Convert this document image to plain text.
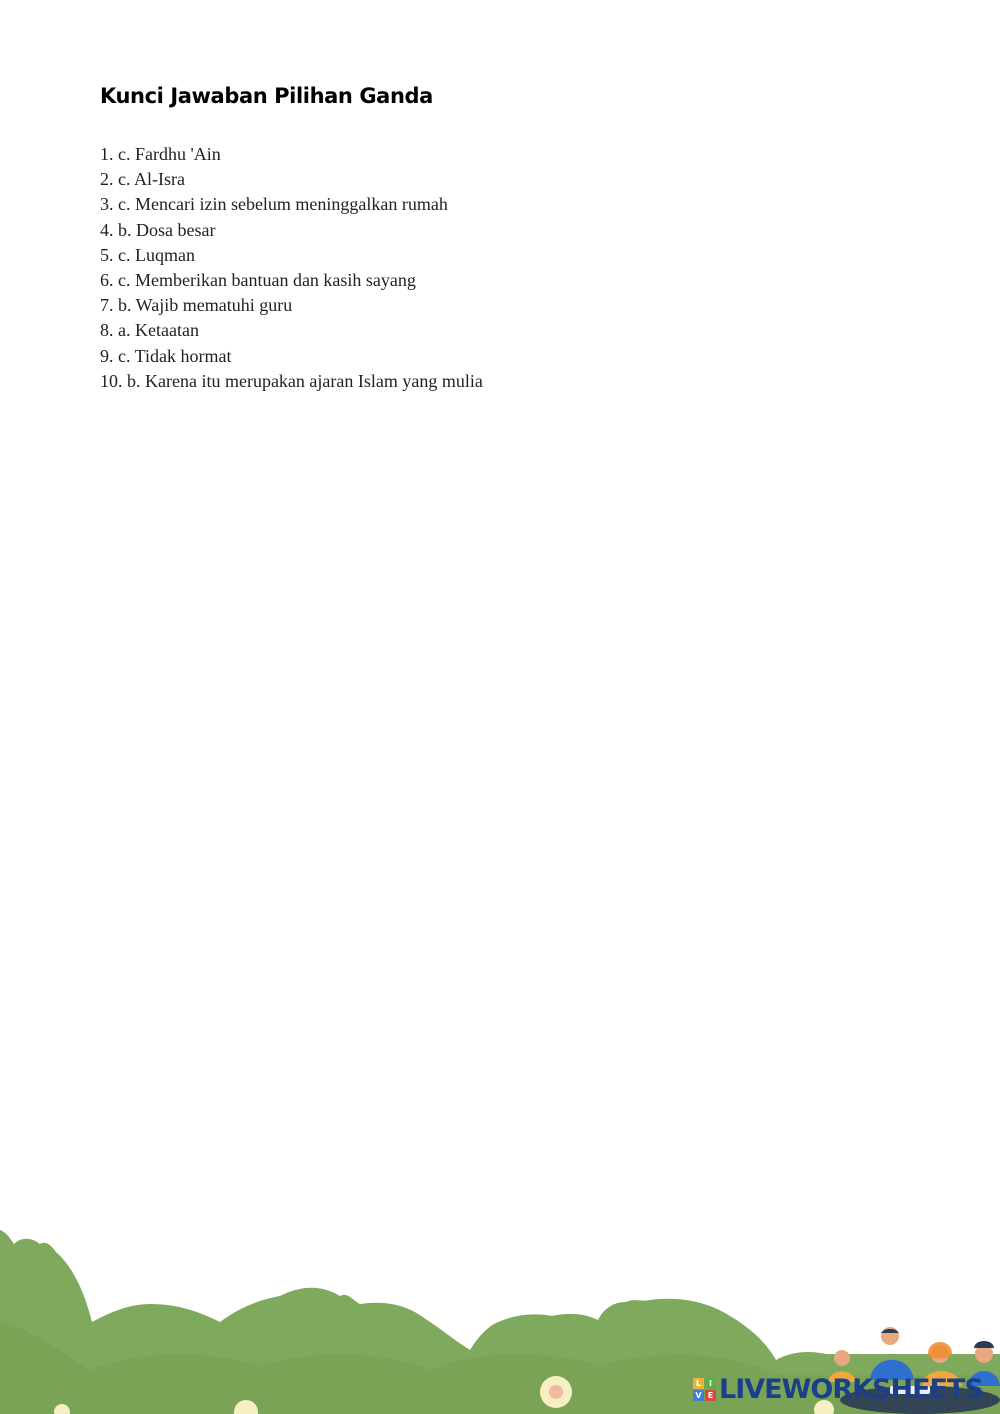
Kunci Jawaban Pilihan Ganda
1. c. Fardhu 'Ain
2. c. Al-Isra
3. c. Mencari izin sebelum meninggalkan rumah
4. b. Dosa besar
5. c. Luqman
6. c. Memberikan bantuan dan kasih sayang
7. b. Wajib mematuhi guru
8. a. Ketaatan
9. c. Tidak hormat
10. b. Karena itu merupakan ajaran Islam yang mulia
L I
V E LIVEWORKSHEETS
